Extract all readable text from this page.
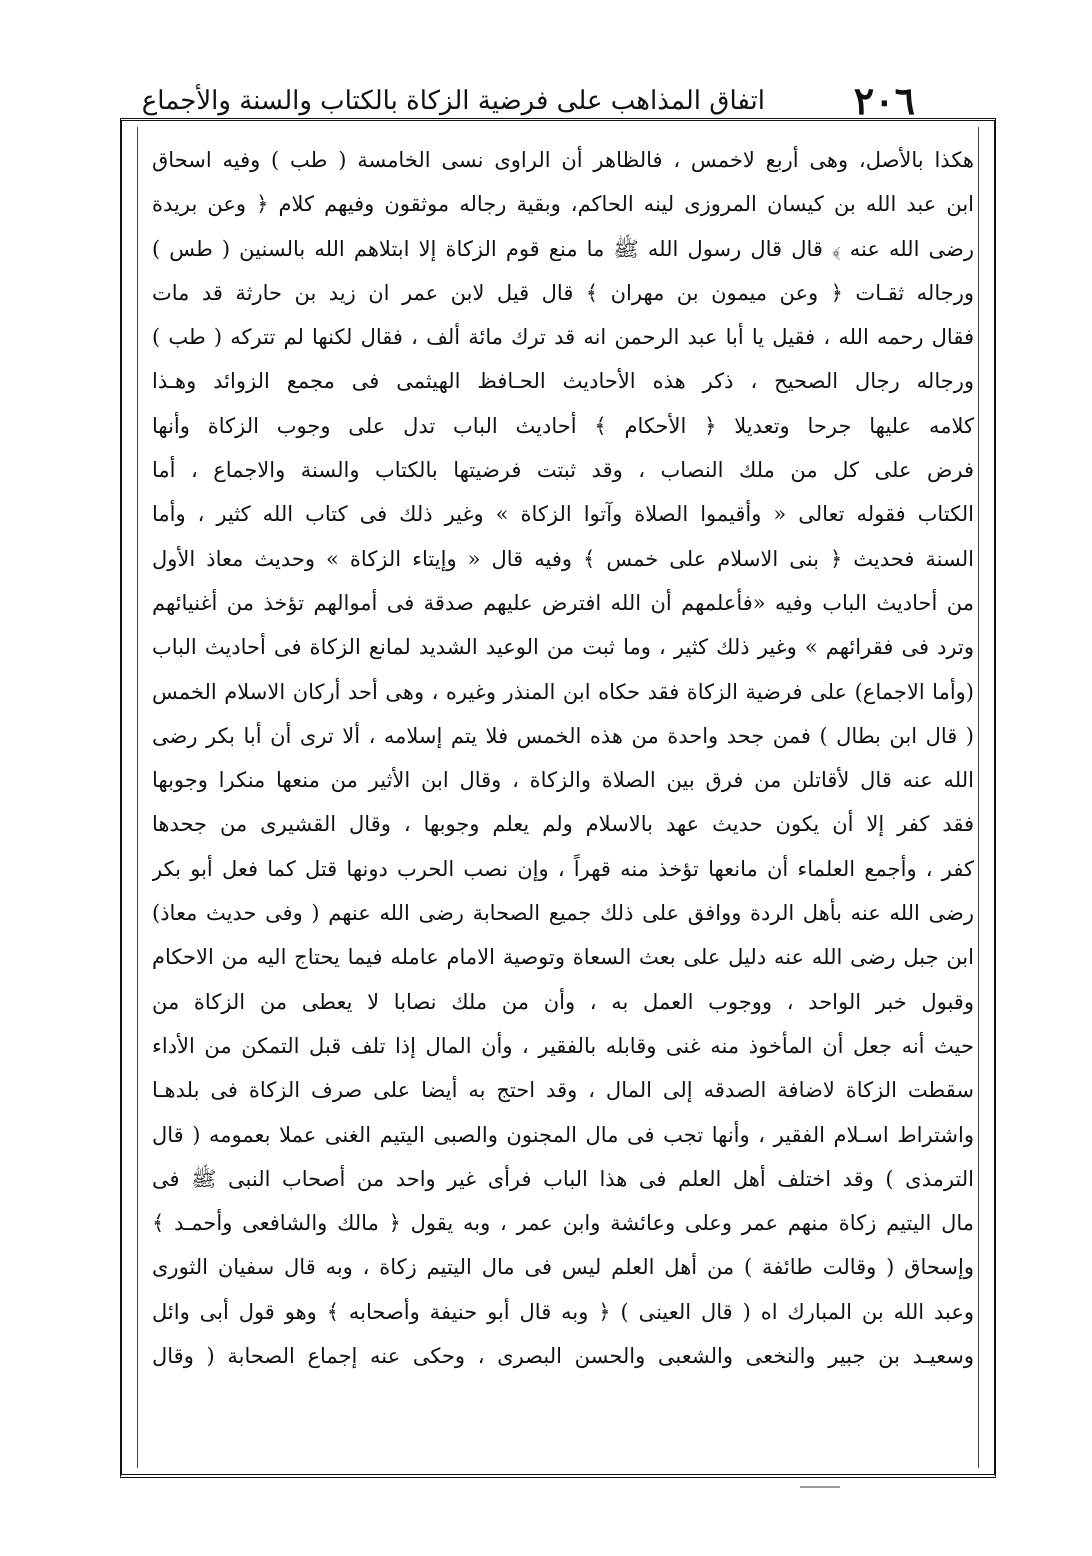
٢٠٦
اتفاق المذاهب على فرضية الزكاة بالكتاب والسنة والأجماع
هكذا بالأصل، وهى أربع لاخمس ، فالظاهر أن الراوى نسى الخامسة ( طب ) وفيه اسحاق
ابن عبد الله بن كيسان المروزى لينه الحاكم، وبقية رجاله موثقون وفيهم كلام ﴿ وعن بريدة
رضى الله عنه ﴾ قال قال رسول الله ﷺ ما منع قوم الزكاة إلا ابتلاهم الله بالسنين ( طس )
ورجاله ثقـات ﴿ وعن ميمون بن مهران ﴾ قال قيل لابن عمر ان زيد بن حارثة قد مات
فقال رحمه الله ، فقيل يا أبا عبد الرحمن انه قد ترك مائة ألف ، فقال لكنها لم تتركه ( طب )
ورجاله رجال الصحيح ، ذكر هذه الأحاديث الحـافظ الهيثمى فى مجمع الزوائد وهـذا
كلامه عليها جرحا وتعديلا ﴿ الأحكام ﴾ أحاديث الباب تدل على وجوب الزكاة وأنها
فرض على كل من ملك النصاب ، وقد ثبتت فرضيتها بالكتاب والسنة والاجماع ، أما
الكتاب فقوله تعالى « وأقيموا الصلاة وآتوا الزكاة » وغير ذلك فى كتاب الله كثير ، وأما
السنة فحديث ﴿ بنى الاسلام على خمس ﴾ وفيه قال « وإيتاء الزكاة » وحديث معاذ الأول
من أحاديث الباب وفيه «فأعلمهم أن الله افترض عليهم صدقة فى أموالهم تؤخذ من أغنيائهم
وترد فى فقرائهم » وغير ذلك كثير ، وما ثبت من الوعيد الشديد لمانع الزكاة فى أحاديث الباب
(وأما الاجماع) على فرضية الزكاة فقد حكاه ابن المنذر وغيره ، وهى أحد أركان الاسلام الخمس
( قال ابن بطال ) فمن جحد واحدة من هذه الخمس فلا يتم إسلامه ، ألا ترى أن أبا بكر رضى
الله عنه قال لأقاتلن من فرق بين الصلاة والزكاة ، وقال ابن الأثير من منعها منكرا وجوبها
فقد كفر إلا أن يكون حديث عهد بالاسلام ولم يعلم وجوبها ، وقال القشيرى من جحدها
كفر ، وأجمع العلماء أن مانعها تؤخذ منه قهراً ، وإن نصب الحرب دونها قتل كما فعل أبو بكر
رضى الله عنه بأهل الردة ووافق على ذلك جميع الصحابة رضى الله عنهم ( وفى حديث معاذ)
ابن جبل رضى الله عنه دليل على بعث السعاة وتوصية الامام عامله فيما يحتاج اليه من الاحكام
وقبول خبر الواحد ، ووجوب العمل به ، وأن من ملك نصابا لا يعطى من الزكاة من
حيث أنه جعل أن المأخوذ منه غنى وقابله بالفقير ، وأن المال إذا تلف قبل التمكن من الأداء
سقطت الزكاة لاضافة الصدقه إلى المال ، وقد احتج به أيضا على صرف الزكاة فى بلدهـا
واشتراط اسـلام الفقير ، وأنها تجب فى مال المجنون والصبى اليتيم الغنى عملا بعمومه ( قال
الترمذى ) وقد اختلف أهل العلم فى هذا الباب فرأى غير واحد من أصحاب النبى ﷺ فى
مال اليتيم زكاة منهم عمر وعلى وعائشة وابن عمر ، وبه يقول ﴿ مالك والشافعى وأحمـد ﴾
وإسحاق ( وقالت طائفة ) من أهل العلم ليس فى مال اليتيم زكاة ، وبه قال سفيان الثورى
وعبد الله بن المبارك اه ( قال العينى ) ﴿ وبه قال أبو حنيفة وأصحابه ﴾ وهو قول أبى وائل
وسعيـد بن جبير والنخعى والشعبى والحسن البصرى ، وحكى عنه إجماع الصحابة ( وقال
